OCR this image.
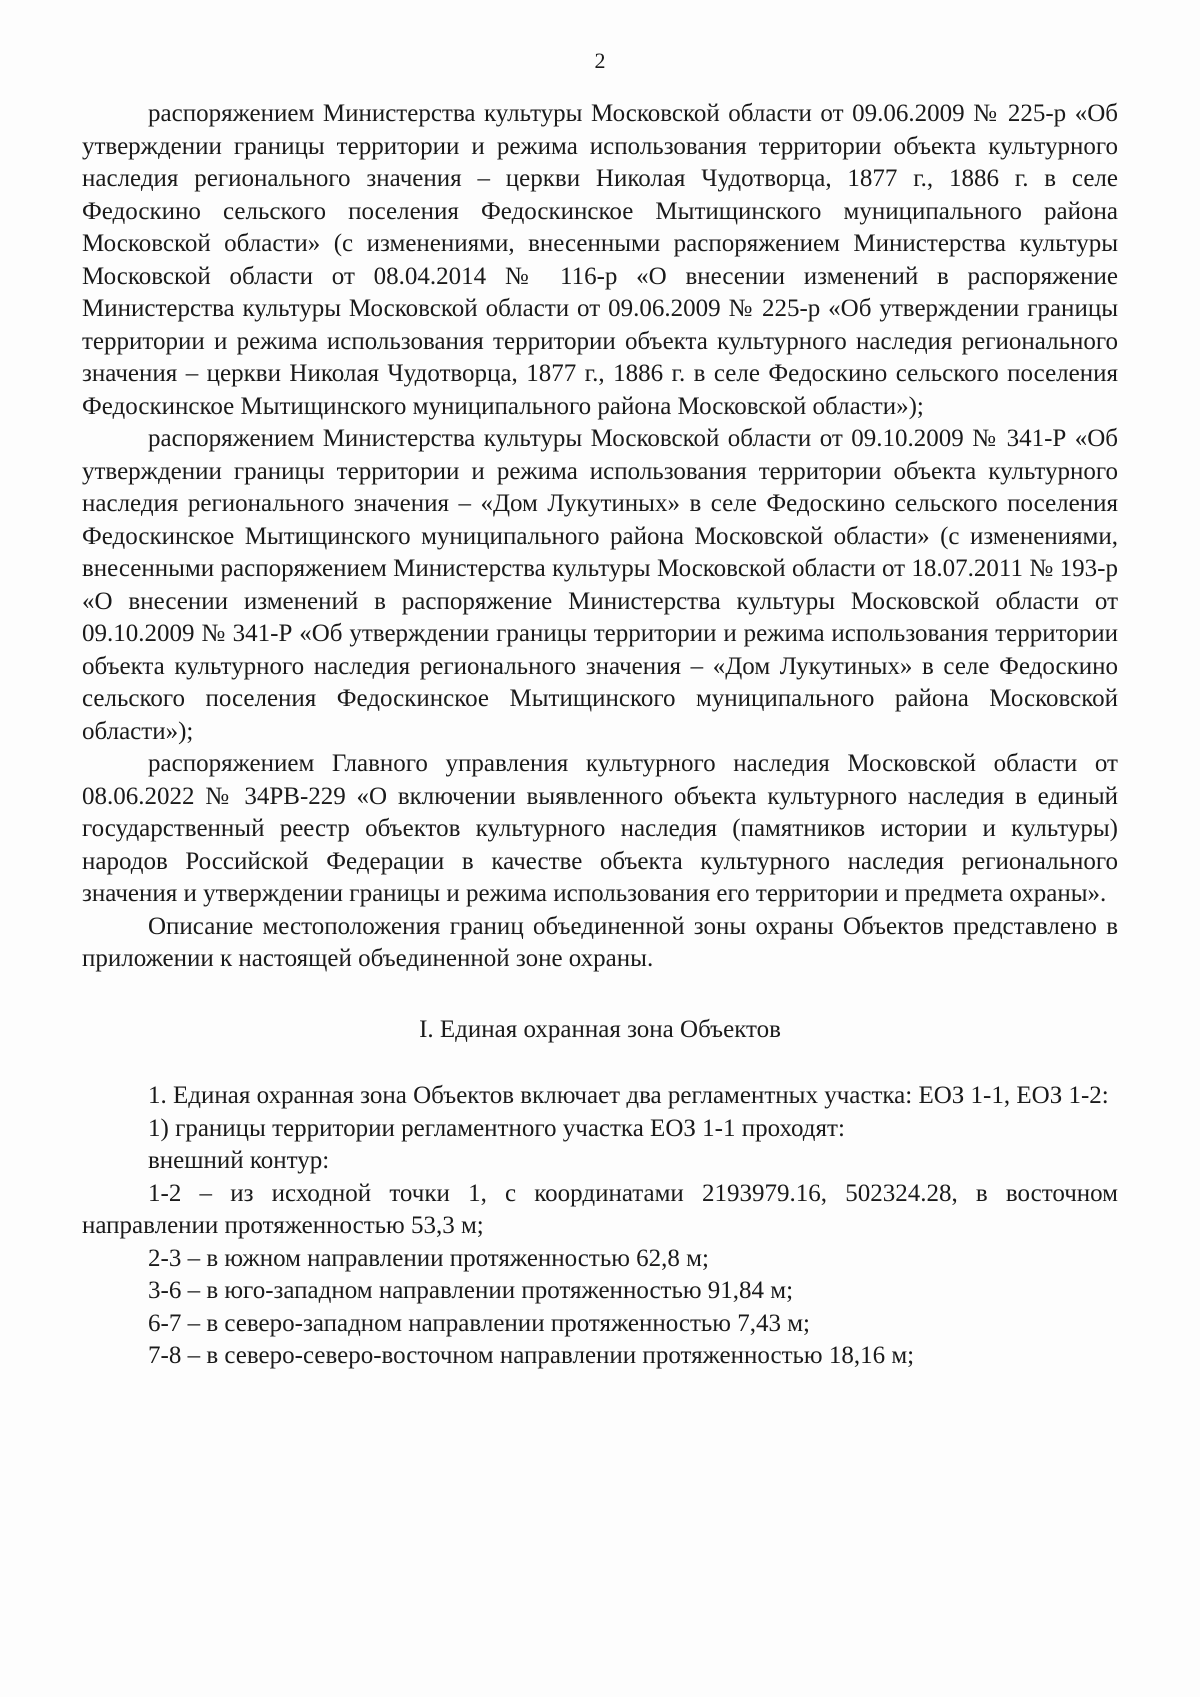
2

распоряжением Министерства культуры Московской области от 09.06.2009 № 225-р «Об утверждении границы территории и режима использования территории объекта культурного наследия регионального значения – церкви Николая Чудотворца, 1877 г., 1886 г. в селе Федоскино сельского поселения Федоскинское Мытищинского муниципального района Московской области» (с изменениями, внесенными распоряжением Министерства культуры Московской области от 08.04.2014 № 116-р «О внесении изменений в распоряжение Министерства культуры Московской области от 09.06.2009 № 225-р «Об утверждении границы территории и режима использования территории объекта культурного наследия регионального значения – церкви Николая Чудотворца, 1877 г., 1886 г. в селе Федоскино сельского поселения Федоскинское Мытищинского муниципального района Московской области»);

распоряжением Министерства культуры Московской области от 09.10.2009 № 341-Р «Об утверждении границы территории и режима использования территории объекта культурного наследия регионального значения – «Дом Лукутиных» в селе Федоскино сельского поселения Федоскинское Мытищинского муниципального района Московской области» (с изменениями, внесенными распоряжением Министерства культуры Московской области от 18.07.2011 № 193-р «О внесении изменений в распоряжение Министерства культуры Московской области от 09.10.2009 № 341-Р «Об утверждении границы территории и режима использования территории объекта культурного наследия регионального значения – «Дом Лукутиных» в селе Федоскино сельского поселения Федоскинское Мытищинского муниципального района Московской области»);

распоряжением Главного управления культурного наследия Московской области от 08.06.2022 № 34РВ-229 «О включении выявленного объекта культурного наследия в единый государственный реестр объектов культурного наследия (памятников истории и культуры) народов Российской Федерации в качестве объекта культурного наследия регионального значения и утверждении границы и режима использования его территории и предмета охраны».

Описание местоположения границ объединенной зоны охраны Объектов представлено в приложении к настоящей объединенной зоне охраны.

I. Единая охранная зона Объектов

1. Единая охранная зона Объектов включает два регламентных участка: ЕОЗ 1-1, ЕОЗ 1-2:

1) границы территории регламентного участка ЕОЗ 1-1 проходят:

внешний контур:

1-2 – из исходной точки 1, с координатами 2193979.16, 502324.28, в восточном направлении протяженностью 53,3 м;

2-3 – в южном направлении протяженностью 62,8 м;

3-6 – в юго-западном направлении протяженностью 91,84 м;

6-7 – в северо-западном направлении протяженностью 7,43 м;

7-8 – в северо-северо-восточном направлении протяженностью 18,16 м;
